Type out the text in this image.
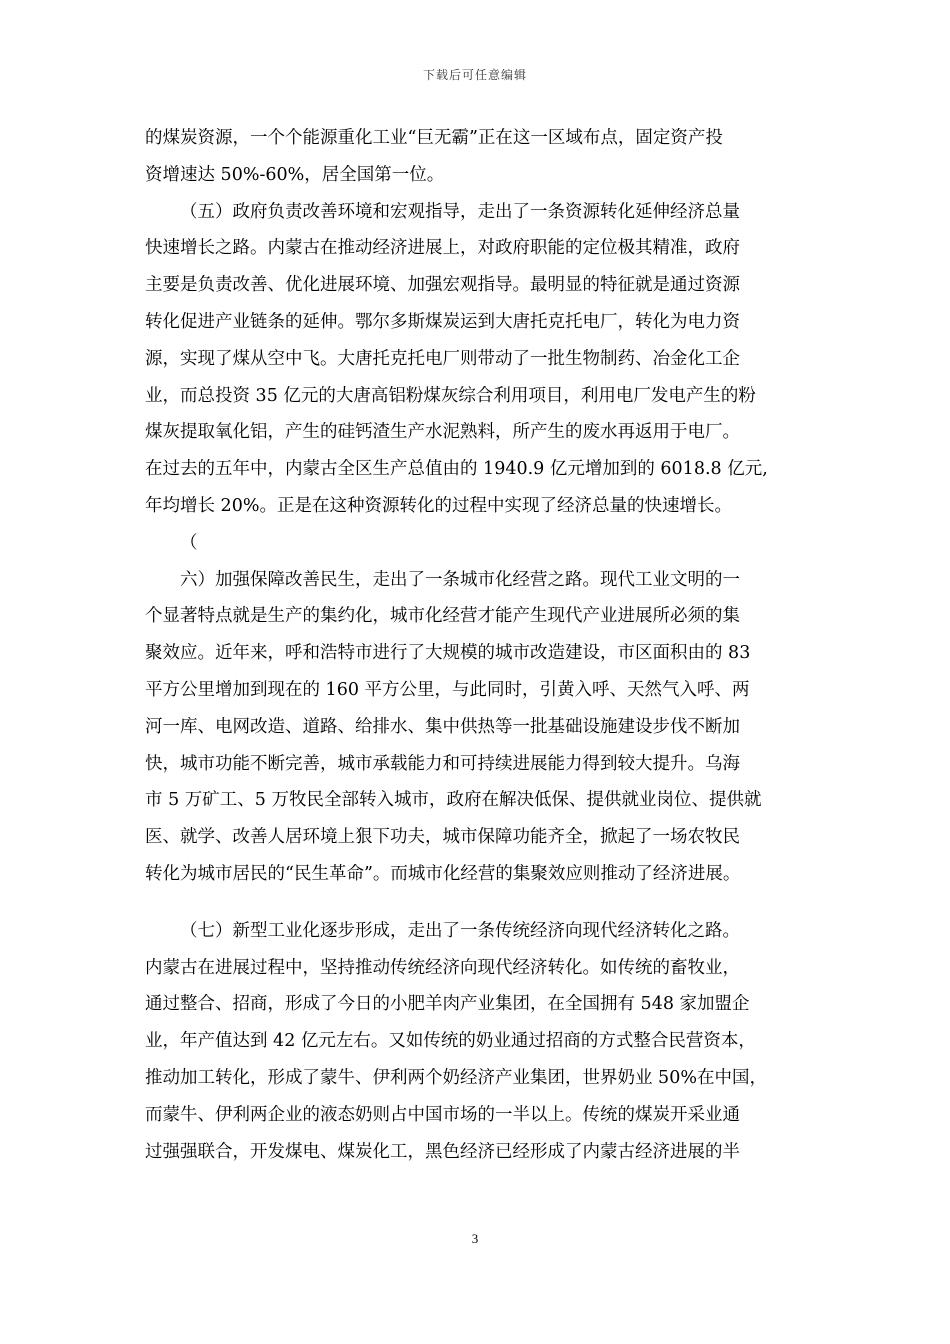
下载后可任意编辑
的煤炭资源，一个个能源重化工业“巨无霸”正在这一区域布点，固定资产投
资增速达 50%-60%，居全国第一位。
（五）政府负责改善环境和宏观指导，走出了一条资源转化延伸经济总量
快速增长之路。内蒙古在推动经济进展上，对政府职能的定位极其精准，政府
主要是负责改善、优化进展环境、加强宏观指导。最明显的特征就是通过资源
转化促进产业链条的延伸。鄂尔多斯煤炭运到大唐托克托电厂，转化为电力资
源，实现了煤从空中飞。大唐托克托电厂则带动了一批生物制药、冶金化工企
业，而总投资 35 亿元的大唐高铝粉煤灰综合利用项目，利用电厂发电产生的粉
煤灰提取氧化铝，产生的硅钙渣生产水泥熟料，所产生的废水再返用于电厂。
在过去的五年中，内蒙古全区生产总值由的 1940.9 亿元增加到的 6018.8 亿元,
年均增长 20%。正是在这种资源转化的过程中实现了经济总量的快速增长。
（
六）加强保障改善民生，走出了一条城市化经营之路。现代工业文明的一
个显著特点就是生产的集约化，城市化经营才能产生现代产业进展所必须的集
聚效应。近年来，呼和浩特市进行了大规模的城市改造建设，市区面积由的 83
平方公里增加到现在的 160 平方公里，与此同时，引黄入呼、天然气入呼、两
河一库、电网改造、道路、给排水、集中供热等一批基础设施建设步伐不断加
快，城市功能不断完善，城市承载能力和可持续进展能力得到较大提升。乌海
市 5 万矿工、5 万牧民全部转入城市，政府在解决低保、提供就业岗位、提供就
医、就学、改善人居环境上狠下功夫，城市保障功能齐全，掀起了一场农牧民
转化为城市居民的“民生革命”。而城市化经营的集聚效应则推动了经济进展。
（七）新型工业化逐步形成，走出了一条传统经济向现代经济转化之路。
内蒙古在进展过程中，坚持推动传统经济向现代经济转化。如传统的畜牧业，
通过整合、招商，形成了今日的小肥羊肉产业集团，在全国拥有 548 家加盟企
业，年产值达到 42 亿元左右。又如传统的奶业通过招商的方式整合民营资本，
推动加工转化，形成了蒙牛、伊利两个奶经济产业集团，世界奶业 50%在中国，
而蒙牛、伊利两企业的液态奶则占中国市场的一半以上。传统的煤炭开采业通
过强强联合，开发煤电、煤炭化工，黑色经济已经形成了内蒙古经济进展的半
3
